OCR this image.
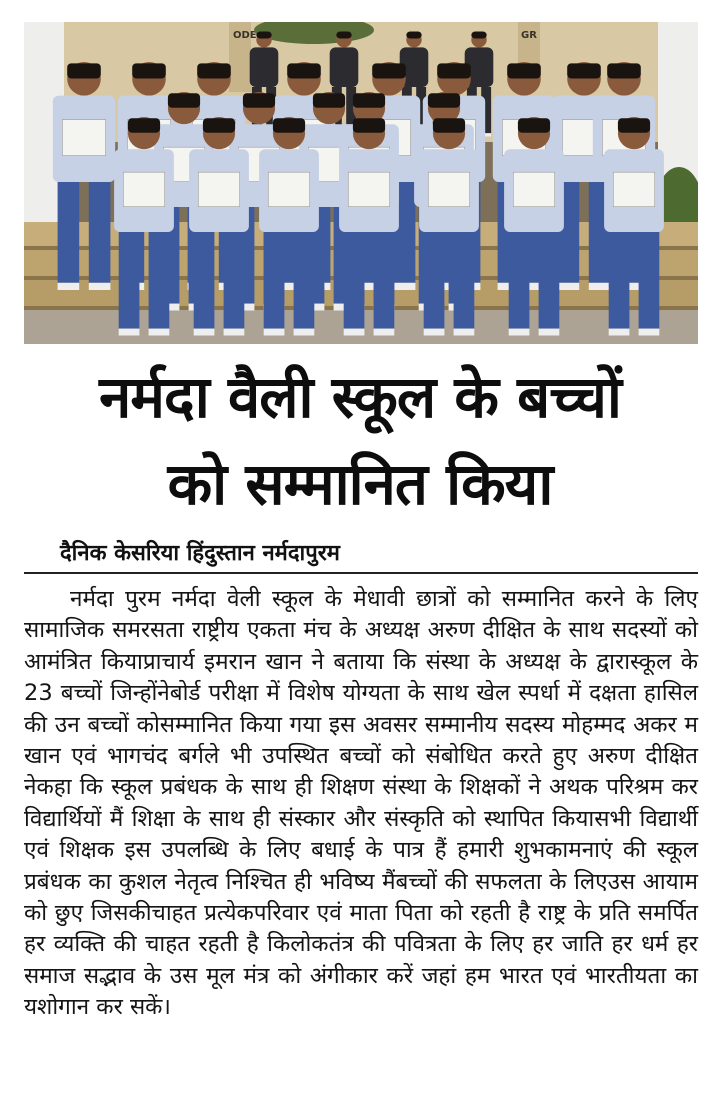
ODE	GR
नर्मदा वैली स्कूल के बच्चों
को सम्मानित किया
दैनिक केसरिया हिंदुस्तान नर्मदापुरम
नर्मदा पुरम नर्मदा वेली स्कूल के मेधावी छात्रों को सम्मानित करने के लिए सामाजिक समरसता राष्ट्रीय एकता मंच के अध्यक्ष अरुण दीक्षित के साथ सदस्यों को आमंत्रित कियाप्राचार्य इमरान खान ने बताया कि संस्था के अध्यक्ष के द्वारास्कूल के 23 बच्चों जिन्होंनेबोर्ड परीक्षा में विशेष योग्यता के साथ खेल स्पर्धा में दक्षता हासिल की उन बच्चों कोसम्मानित किया गया इस अवसर सम्मानीय सदस्य मोहम्मद अकर म खान एवं भागचंद बर्गले भी उपस्थित बच्चों को संबोधित करते हुए अरुण दीक्षित नेकहा कि स्कूल प्रबंधक के साथ ही शिक्षण संस्था के शिक्षकों ने अथक परिश्रम कर विद्यार्थियों मैं शिक्षा के साथ ही संस्कार और संस्कृति को स्थापित कियासभी विद्यार्थी एवं शिक्षक इस उपलब्धि के लिए बधाई के पात्र हैं हमारी शुभकामनाएं की स्कूल प्रबंधक का कुशल नेतृत्व निश्चित ही भविष्य मैंबच्चों की सफलता के लिएउस आयाम को छुए जिसकीचाहत प्रत्येकपरिवार एवं माता पिता को रहती है राष्ट्र के प्रति समर्पित हर व्यक्ति की चाहत रहती है किलोकतंत्र की पवित्रता के लिए हर जाति हर धर्म हर समाज सद्भाव के उस मूल मंत्र को अंगीकार करें जहां हम भारत एवं भारतीयता का यशोगान कर सकें।
